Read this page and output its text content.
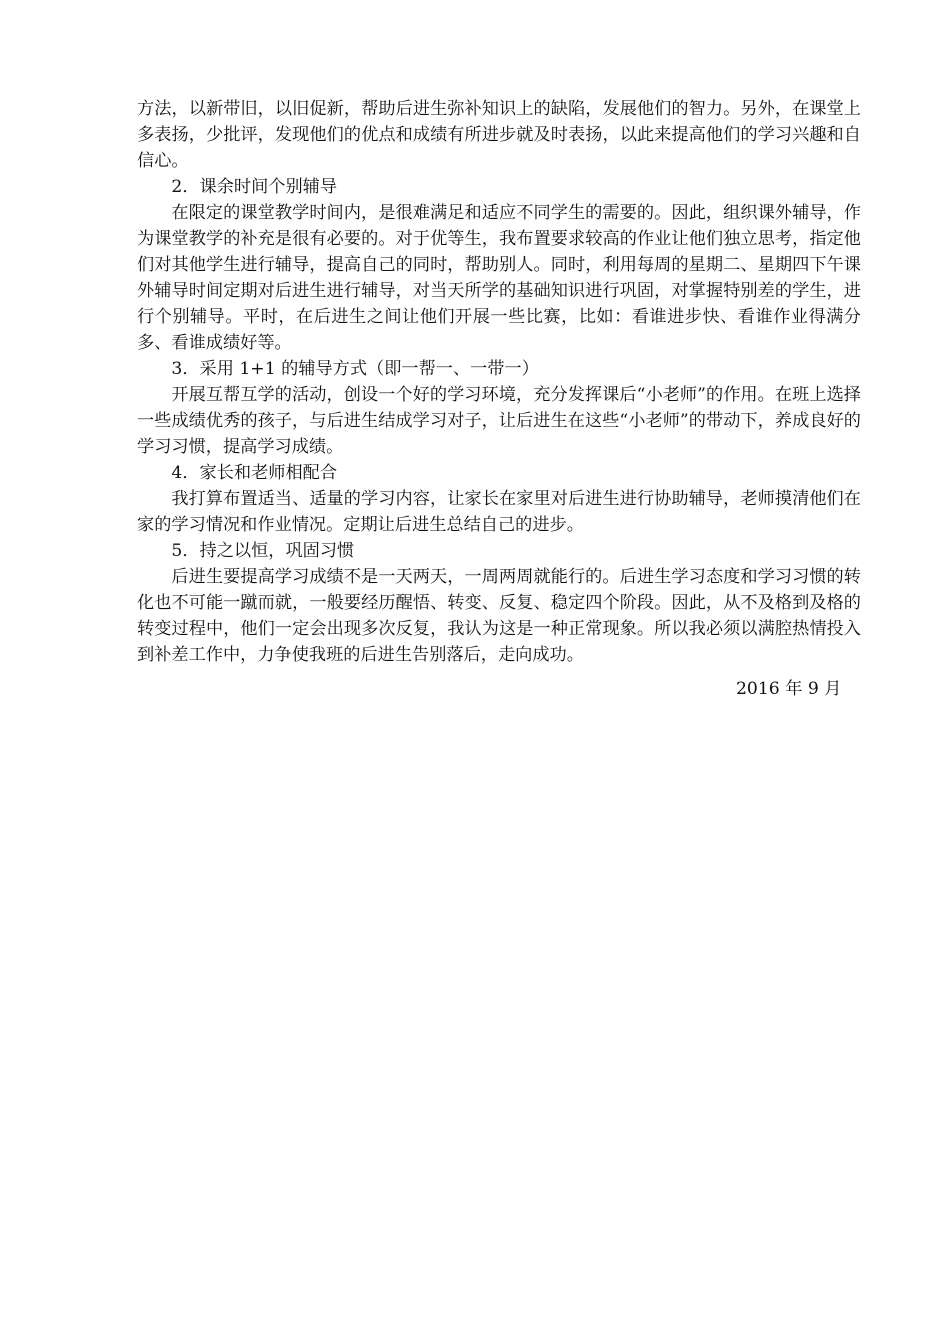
方法，以新带旧，以旧促新，帮助后进生弥补知识上的缺陷，发展他们的智力。另外，在课堂上多表扬，少批评，发现他们的优点和成绩有所进步就及时表扬，以此来提高他们的学习兴趣和自信心。

2．课余时间个别辅导

在限定的课堂教学时间内，是很难满足和适应不同学生的需要的。因此，组织课外辅导，作为课堂教学的补充是很有必要的。对于优等生，我布置要求较高的作业让他们独立思考，指定他们对其他学生进行辅导，提高自己的同时，帮助别人。同时，利用每周的星期二、星期四下午课外辅导时间定期对后进生进行辅导，对当天所学的基础知识进行巩固，对掌握特别差的学生，进行个别辅导。平时，在后进生之间让他们开展一些比赛，比如：看谁进步快、看谁作业得满分多、看谁成绩好等。

3．采用 1+1 的辅导方式（即一帮一、一带一）

开展互帮互学的活动，创设一个好的学习环境，充分发挥课后“小老师”的作用。在班上选择一些成绩优秀的孩子，与后进生结成学习对子，让后进生在这些“小老师”的带动下，养成良好的学习习惯，提高学习成绩。

4．家长和老师相配合

我打算布置适当、适量的学习内容，让家长在家里对后进生进行协助辅导，老师摸清他们在家的学习情况和作业情况。定期让后进生总结自己的进步。

5．持之以恒，巩固习惯

后进生要提高学习成绩不是一天两天，一周两周就能行的。后进生学习态度和学习习惯的转化也不可能一蹴而就，一般要经历醒悟、转变、反复、稳定四个阶段。因此，从不及格到及格的转变过程中，他们一定会出现多次反复，我认为这是一种正常现象。所以我必须以满腔热情投入到补差工作中，力争使我班的后进生告别落后，走向成功。

2016 年 9 月
